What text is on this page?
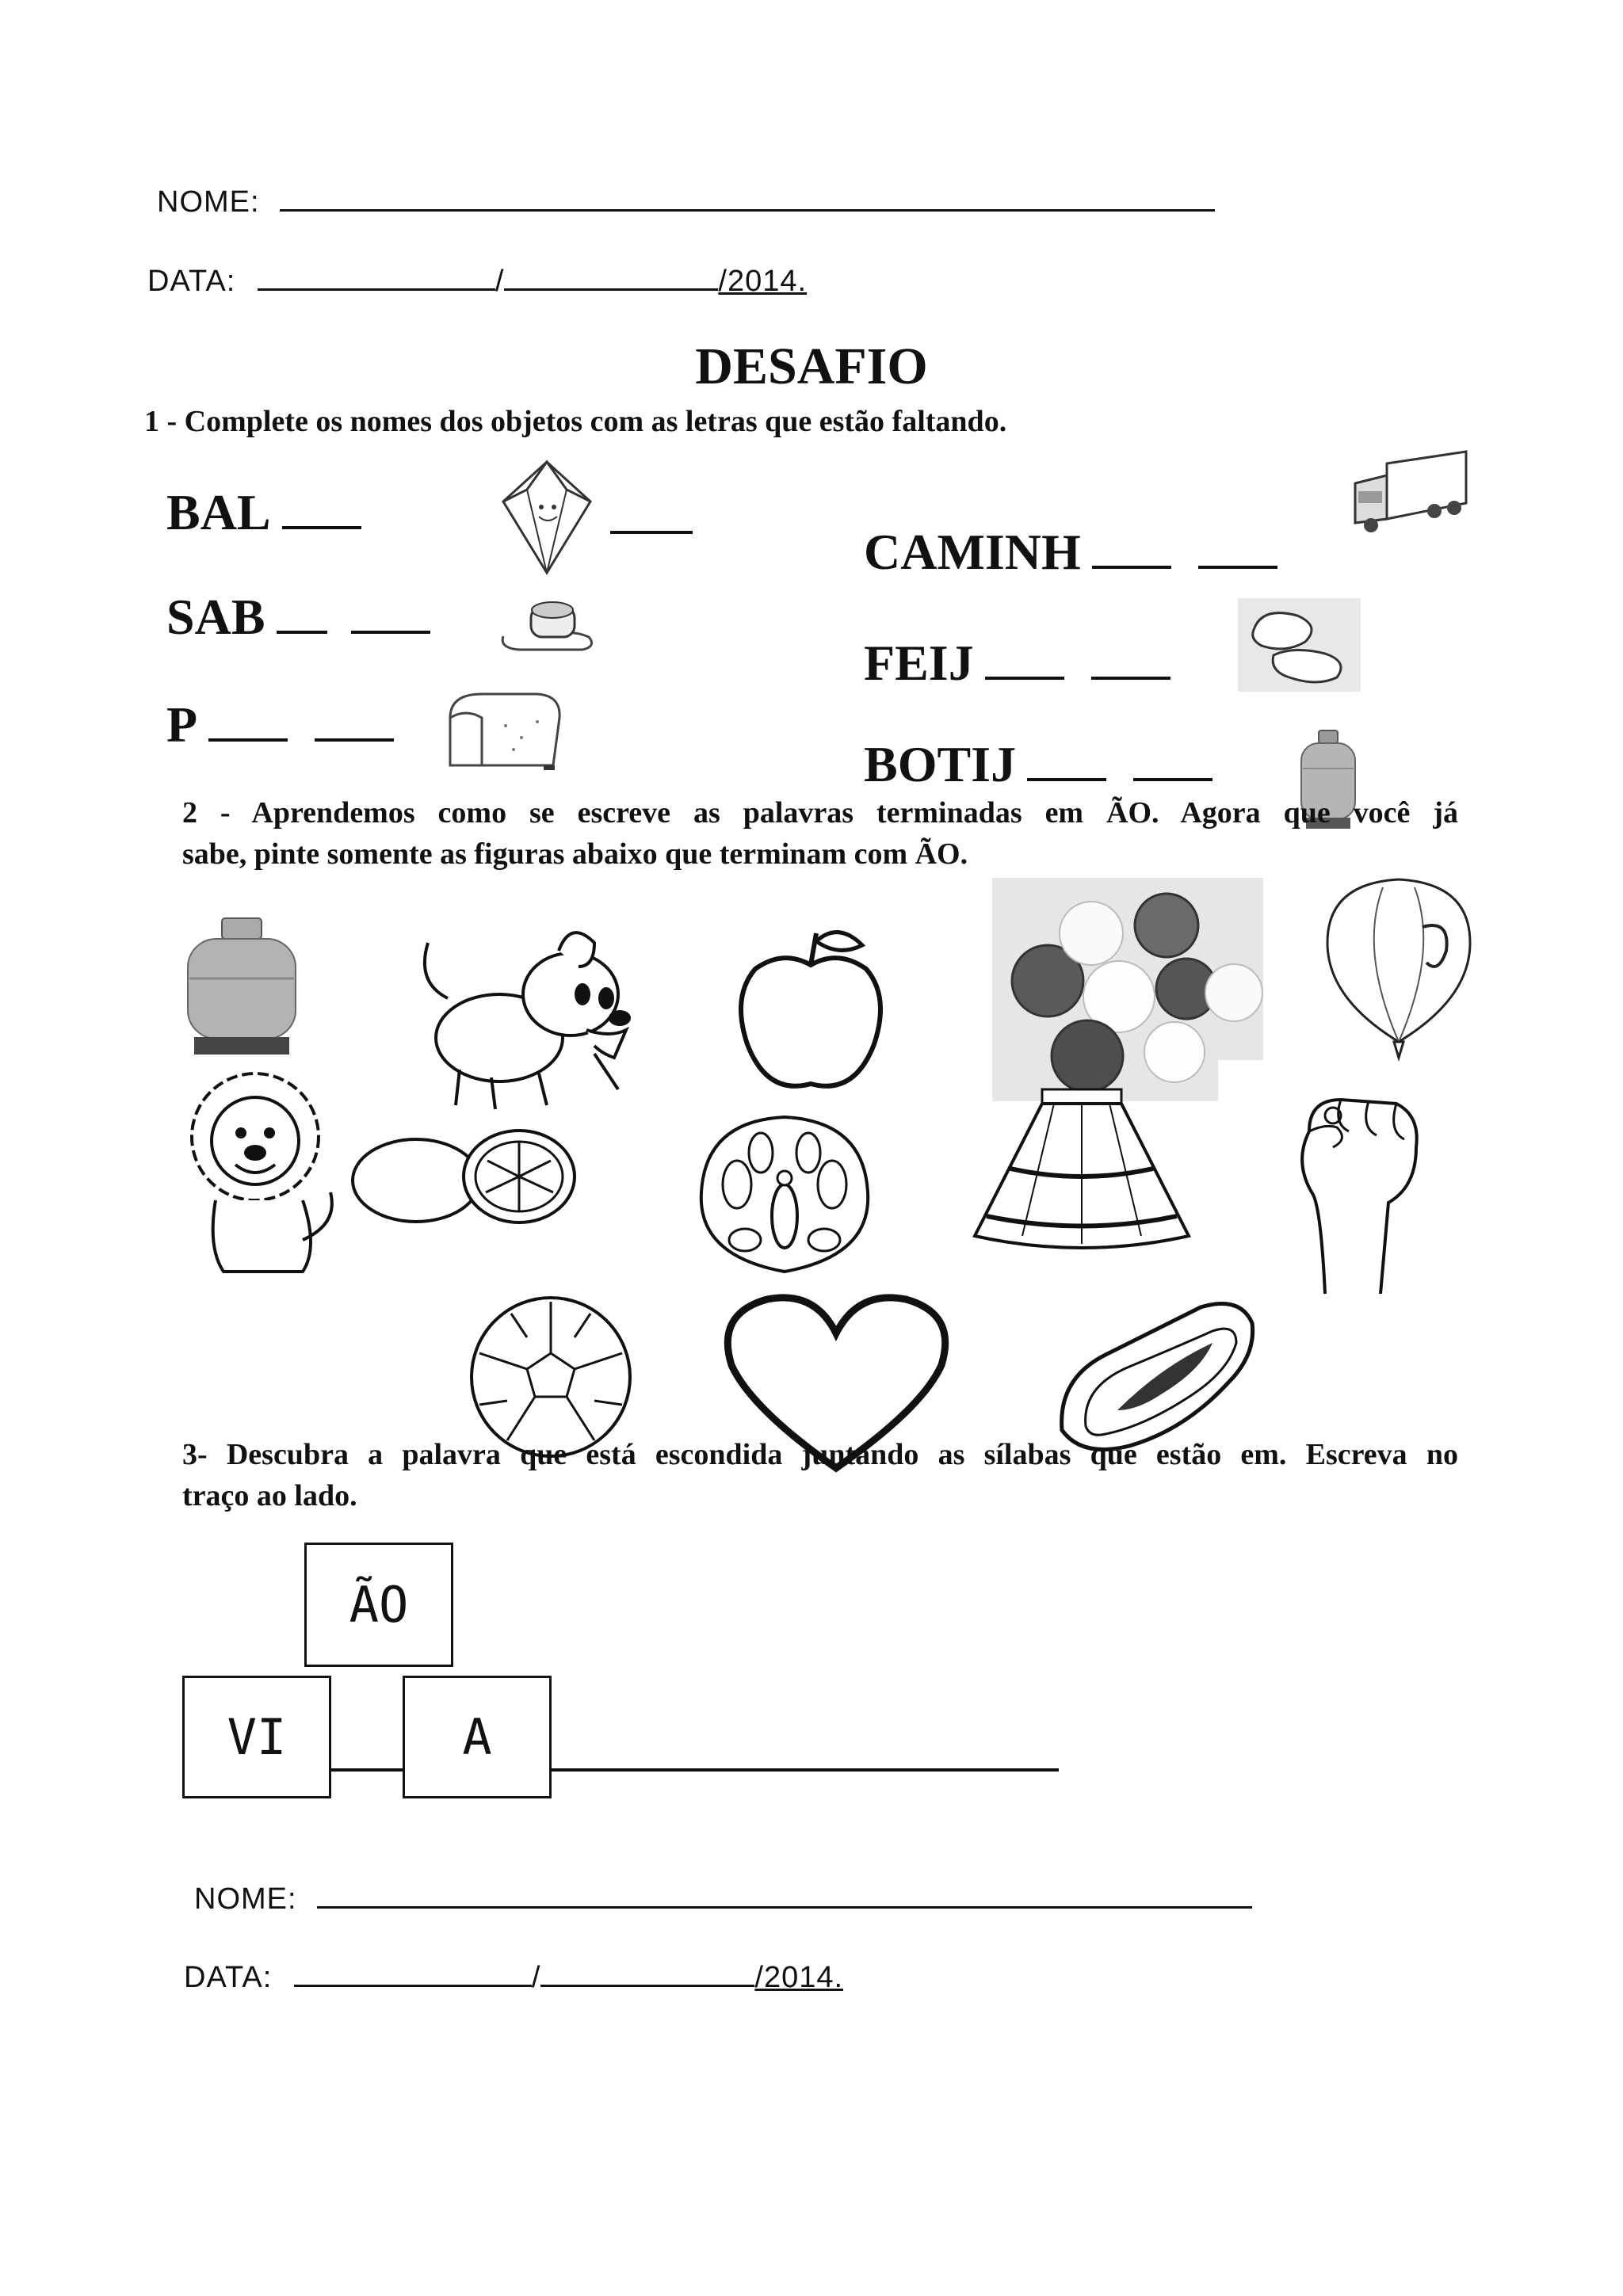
NOME:
DATA:	/	/2014.
DESAFIO
1 - Complete os nomes dos objetos com as letras que estão faltando.
BAL
SAB
P
CAMINH
FEIJ
BOTIJ
2 - Aprendemos como se escreve as palavras terminadas em ÃO. Agora que você já
sabe, pinte somente as figuras abaixo que terminam com ÃO.
3- Descubra a palavra que está escondida juntando as sílabas que estão em. Escreva no
traço ao lado.
ÃO
VI	A
NOME:
DATA:	/	/2014.
